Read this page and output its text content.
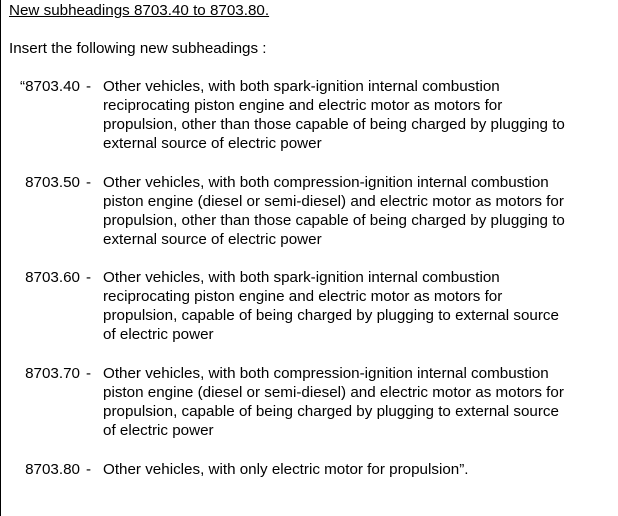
New subheadings 8703.40 to 8703.80.
Insert the following new subheadings :
“8703.40 - Other vehicles, with both spark-ignition internal combustion
reciprocating piston engine and electric motor as motors for
propulsion, other than those capable of being charged by plugging to
external source of electric power
8703.50 - Other vehicles, with both compression-ignition internal combustion
piston engine (diesel or semi-diesel) and electric motor as motors for
propulsion, other than those capable of being charged by plugging to
external source of electric power
8703.60 - Other vehicles, with both spark-ignition internal combustion
reciprocating piston engine and electric motor as motors for
propulsion, capable of being charged by plugging to external source
of electric power
8703.70 - Other vehicles, with both compression-ignition internal combustion
piston engine (diesel or semi-diesel) and electric motor as motors for
propulsion, capable of being charged by plugging to external source
of electric power
8703.80 - Other vehicles, with only electric motor for propulsion”.
